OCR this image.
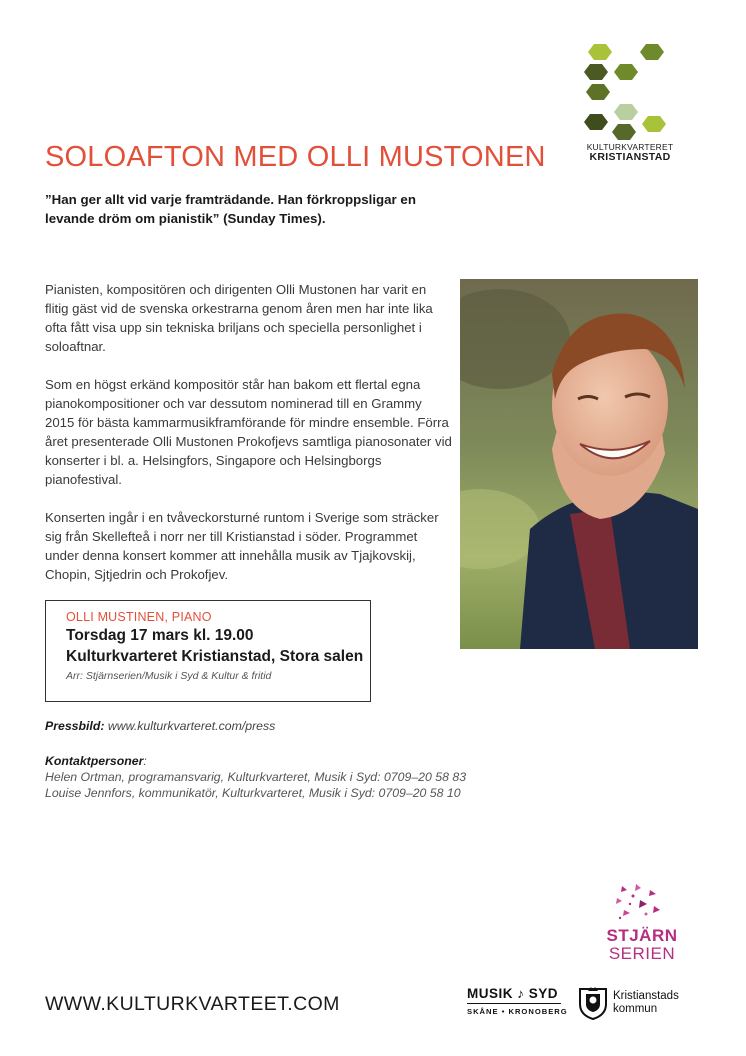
KULTURKVARTERET
KRISTIANSTAD
SOLOAFTON MED OLLI MUSTONEN
”Han ger allt vid varje framträdande. Han förkroppsligar en levande dröm om pianistik” (Sunday Times).

Pianisten, kompositören och dirigenten Olli Mustonen har varit en flitig gäst vid de svenska orkestrarna genom åren men har inte lika ofta fått visa upp sin tekniska briljans och speciella personlighet i soloaftnar.

Som en högst erkänd kompositör står han bakom ett flertal egna pianokompositioner och var dessutom nominerad till en Grammy 2015 för bästa kammarmusikframförande för mindre ensemble. Förra året presenterade Olli Mustonen Prokofjevs samtliga pianosonater vid konserter i bl. a. Helsingfors, Singapore och Helsingborgs pianofestival.

Konserten ingår i en tvåveckorsturné runtom i Sverige som sträcker sig från Skellefteå i norr ner till Kristianstad i söder. Programmet under denna konsert kommer att innehålla musik av Tjajkovskij, Chopin, Sjtjedrin och Prokofjev.

OLLI MUSTINEN, PIANO
Torsdag 17 mars kl. 19.00
Kulturkvarteret Kristianstad, Stora salen
Arr: Stjärnserien/Musik i Syd & Kultur & fritid
Pressbild: www.kulturkvarteret.com/press
Kontaktpersoner:
Helen Ortman, programansvarig, Kulturkvarteret, Musik i Syd: 0709–20 58 83
Louise Jennfors, kommunikatör, Kulturkvarteret, Musik i Syd: 0709–20 58 10
STJÄRN
SERIEN
WWW.KULTURKVARTEET.COM	MUSIK ♪ SYD
SKÅNE • KRONOBERG
Kristianstads
kommun
